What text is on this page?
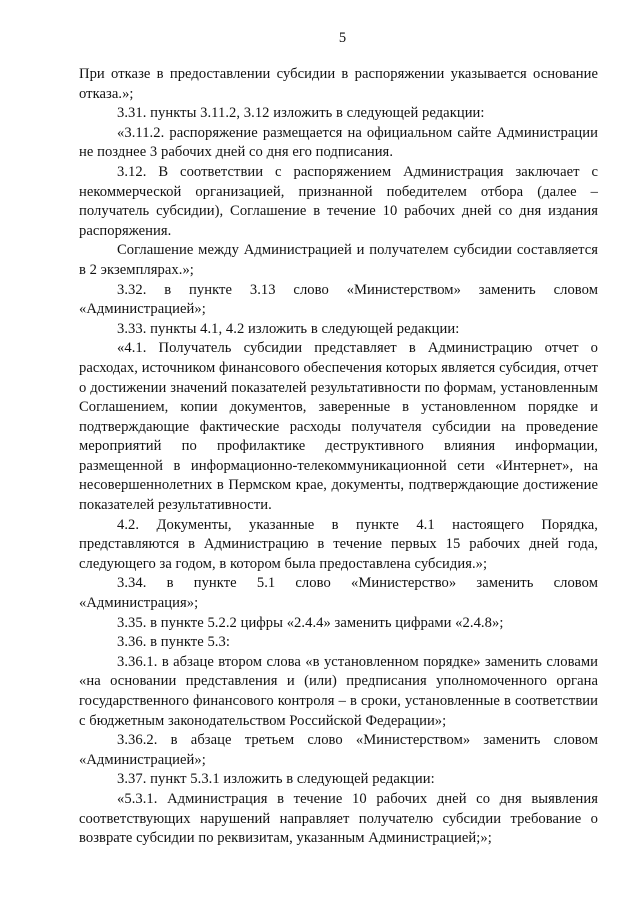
5

При отказе в предоставлении субсидии в распоряжении указывается основание отказа.»;

3.31. пункты 3.11.2, 3.12 изложить в следующей редакции:

«3.11.2. распоряжение размещается на официальном сайте Администрации не позднее 3 рабочих дней со дня его подписания.

3.12. В соответствии с распоряжением Администрация заключает с некоммерческой организацией, признанной победителем отбора (далее – получатель субсидии), Соглашение в течение 10 рабочих дней со дня издания распоряжения.

Соглашение между Администрацией и получателем субсидии составляется в 2 экземплярах.»;

3.32. в пункте 3.13 слово «Министерством» заменить словом «Администрацией»;

3.33. пункты 4.1, 4.2 изложить в следующей редакции:

«4.1. Получатель субсидии представляет в Администрацию отчет о расходах, источником финансового обеспечения которых является субсидия, отчет о достижении значений показателей результативности по формам, установленным Соглашением, копии документов, заверенные в установленном порядке и подтверждающие фактические расходы получателя субсидии на проведение мероприятий по профилактике деструктивного влияния информации, размещенной в информационно-телекоммуникационной сети «Интернет», на несовершеннолетних в Пермском крае, документы, подтверждающие достижение показателей результативности.

4.2. Документы, указанные в пункте 4.1 настоящего Порядка, представляются в Администрацию в течение первых 15 рабочих дней года, следующего за годом, в котором была предоставлена субсидия.»;

3.34. в пункте 5.1 слово «Министерство» заменить словом «Администрация»;

3.35. в пункте 5.2.2 цифры «2.4.4» заменить цифрами «2.4.8»;

3.36. в пункте 5.3:

3.36.1. в абзаце втором слова «в установленном порядке» заменить словами «на основании представления и (или) предписания уполномоченного органа государственного финансового контроля – в сроки, установленные в соответствии с бюджетным законодательством Российской Федерации»;

3.36.2. в абзаце третьем слово «Министерством» заменить словом «Администрацией»;

3.37. пункт 5.3.1 изложить в следующей редакции:

«5.3.1. Администрация в течение 10 рабочих дней со дня выявления соответствующих нарушений направляет получателю субсидии требование о возврате субсидии по реквизитам, указанным Администрацией;»;
